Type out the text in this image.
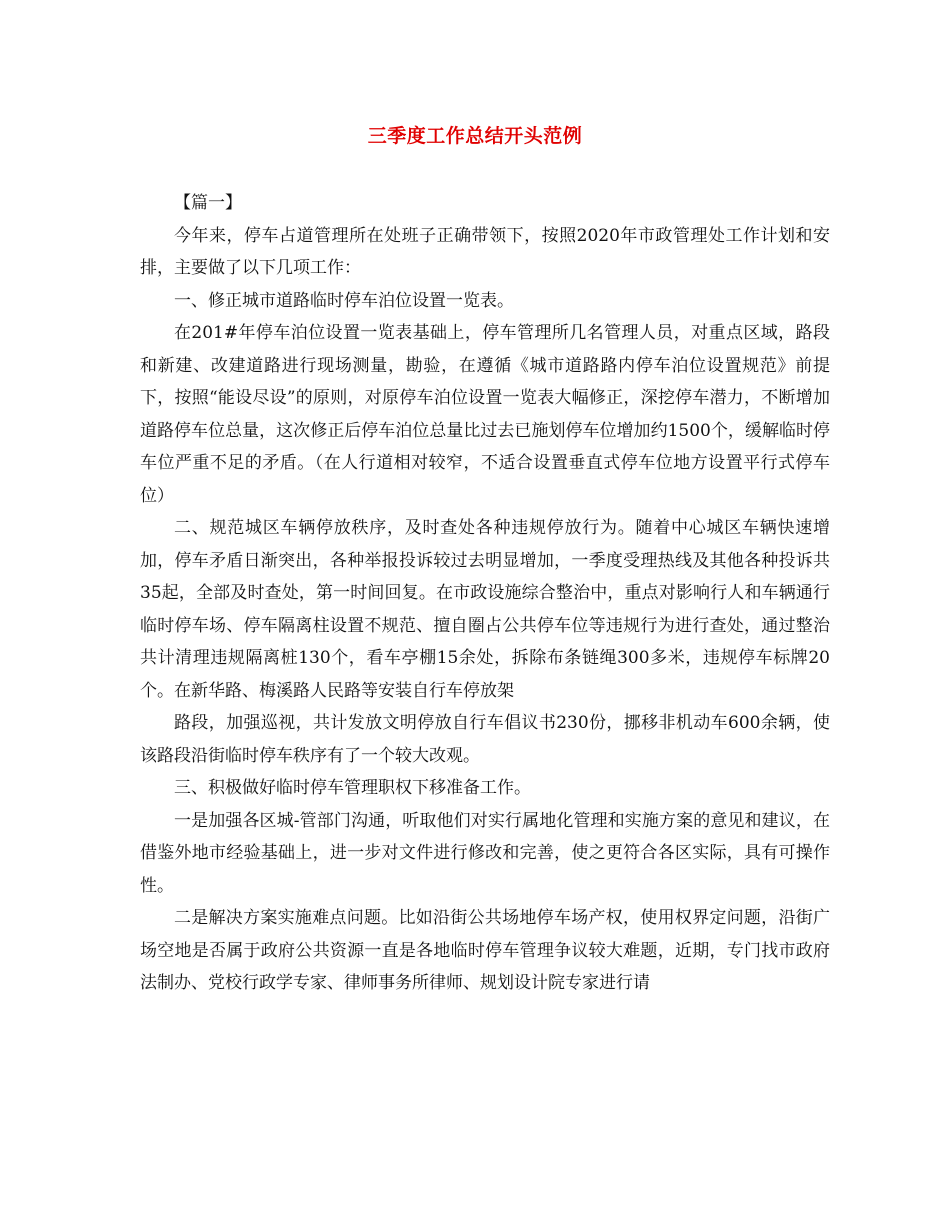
三季度工作总结开头范例

【篇一】

今年来，停车占道管理所在处班子正确带领下，按照2020年市政管理处工作计划和安排，主要做了以下几项工作：

一、修正城市道路临时停车泊位设置一览表。

在201#年停车泊位设置一览表基础上，停车管理所几名管理人员，对重点区域，路段和新建、改建道路进行现场测量，勘验，在遵循《城市道路路内停车泊位设置规范》前提下，按照“能设尽设”的原则，对原停车泊位设置一览表大幅修正，深挖停车潜力，不断增加道路停车位总量，这次修正后停车泊位总量比过去已施划停车位增加约1500个，缓解临时停车位严重不足的矛盾。（在人行道相对较窄，不适合设置垂直式停车位地方设置平行式停车位）

二、规范城区车辆停放秩序，及时查处各种违规停放行为。随着中心城区车辆快速增加，停车矛盾日渐突出，各种举报投诉较过去明显增加，一季度受理热线及其他各种投诉共35起，全部及时查处，第一时间回复。在市政设施综合整治中，重点对影响行人和车辆通行临时停车场、停车隔离柱设置不规范、擅自圈占公共停车位等违规行为进行查处，通过整治共计清理违规隔离桩130个，看车亭棚15余处，拆除布条链绳300多米，违规停车标牌20个。在新华路、梅溪路人民路等安装自行车停放架

路段，加强巡视，共计发放文明停放自行车倡议书230份，挪移非机动车600余辆，使该路段沿街临时停车秩序有了一个较大改观。

三、积极做好临时停车管理职权下移准备工作。

一是加强各区城-管部门沟通，听取他们对实行属地化管理和实施方案的意见和建议，在借鉴外地市经验基础上，进一步对文件进行修改和完善，使之更符合各区实际，具有可操作性。

二是解决方案实施难点问题。比如沿街公共场地停车场产权，使用权界定问题，沿街广场空地是否属于政府公共资源一直是各地临时停车管理争议较大难题，近期，专门找市政府法制办、党校行政学专家、律师事务所律师、规划设计院专家进行请
